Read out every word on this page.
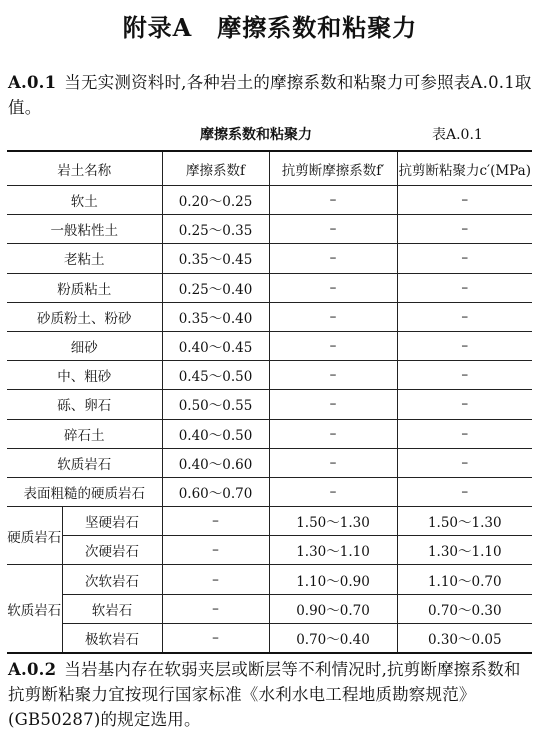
附录A　摩擦系数和粘聚力
A.0.1 当无实测资料时,各种岩土的摩擦系数和粘聚力可参照表A.0.1取值。
摩擦系数和粘聚力	表A.0.1
岩土名称		摩擦系数f	抗剪断摩擦系数f′	抗剪断粘聚力c′(MPa)
软土		0.20～0.25	–	–
一般粘性土		0.25～0.35	–	–
老粘土		0.35～0.45	–	–
粉质粘土		0.25～0.40	–	–
砂质粉土、粉砂		0.35～0.40	–	–
细砂		0.40～0.45	–	–
中、粗砂		0.45～0.50	–	–
砾、卵石		0.50～0.55	–	–
碎石土		0.40～0.50	–	–
软质岩石		0.40～0.60	–	–
表面粗糙的硬质岩石		0.60～0.70	–	–
硬质岩石	坚硬岩石	–	1.50～1.30	1.50～1.30
	次硬岩石	–	1.30～1.10	1.30～1.10
软质岩石	次软岩石	–	1.10～0.90	1.10～0.70
	软岩石	–	0.90～0.70	0.70～0.30
	极软岩石	–	0.70～0.40	0.30～0.05
A.0.2 当岩基内存在软弱夹层或断层等不利情况时,抗剪断摩擦系数和抗剪断粘聚力宜按现行国家标准《水利水电工程地质勘察规范》(GB50287)的规定选用。
